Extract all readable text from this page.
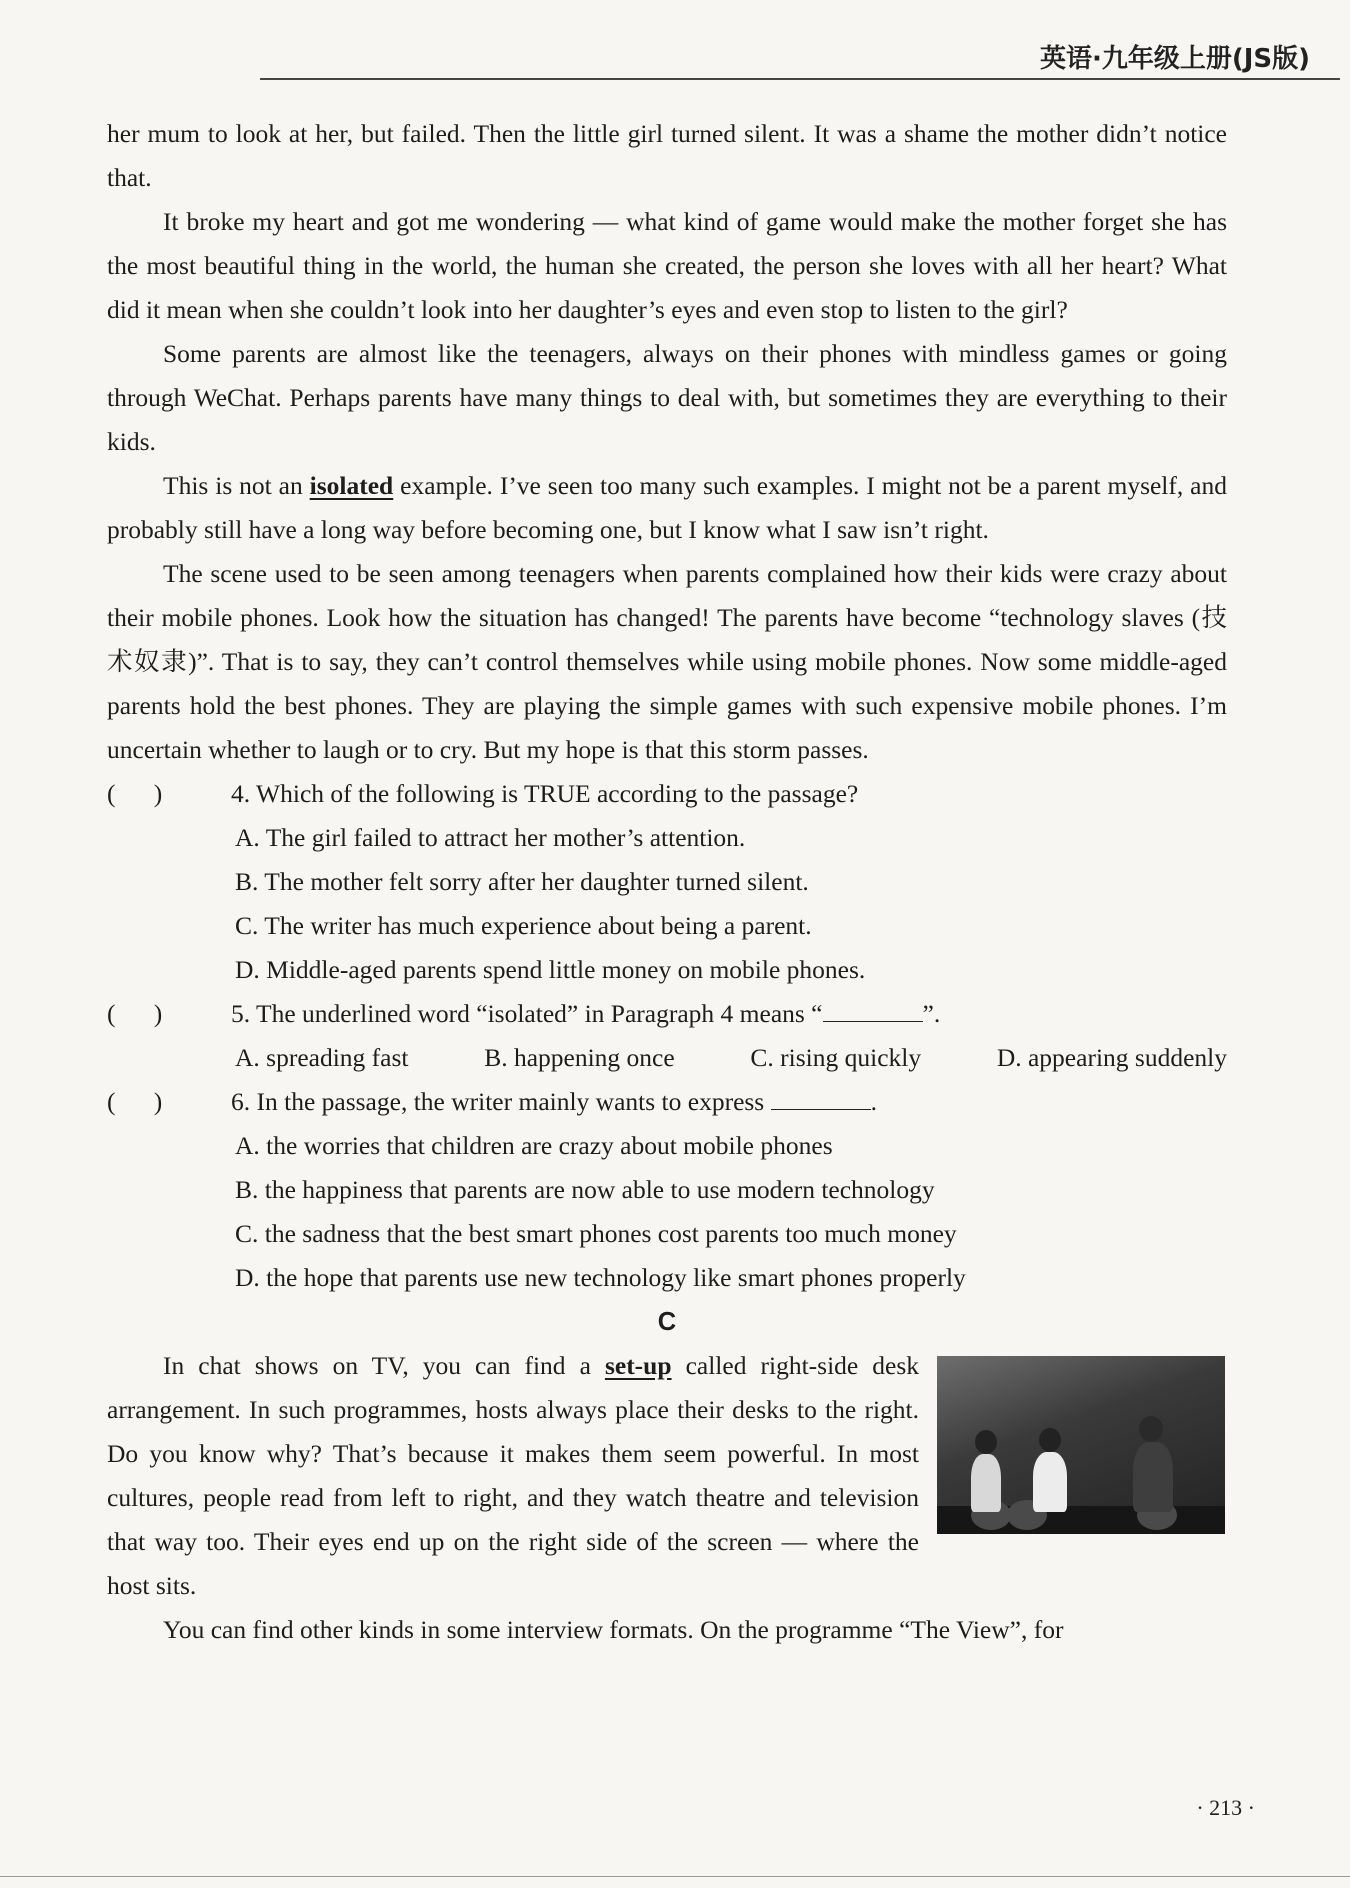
英语·九年级上册(JS版)

her mum to look at her, but failed. Then the little girl turned silent. It was a shame the mother didn’t notice that.

It broke my heart and got me wondering — what kind of game would make the mother forget she has the most beautiful thing in the world, the human she created, the person she loves with all her heart? What did it mean when she couldn’t look into her daughter’s eyes and even stop to listen to the girl?

Some parents are almost like the teenagers, always on their phones with mindless games or going through WeChat. Perhaps parents have many things to deal with, but sometimes they are everything to their kids.

This is not an isolated example. I’ve seen too many such examples. I might not be a parent myself, and probably still have a long way before becoming one, but I know what I saw isn’t right.

The scene used to be seen among teenagers when parents complained how their kids were crazy about their mobile phones. Look how the situation has changed! The parents have become “technology slaves (技术奴隶)”. That is to say, they can’t control themselves while using mobile phones. Now some middle-aged parents hold the best phones. They are playing the simple games with such expensive mobile phones. I’m uncertain whether to laugh or to cry. But my hope is that this storm passes.

(      )	4. Which of the following is TRUE according to the passage?
A. The girl failed to attract her mother’s attention.
B. The mother felt sorry after her daughter turned silent.
C. The writer has much experience about being a parent.
D. Middle-aged parents spend little money on mobile phones.
(      )	5. The underlined word “isolated” in Paragraph 4 means “	”.
A. spreading fast	B. happening once	C. rising quickly	D. appearing suddenly
(      )	6. In the passage, the writer mainly wants to express	.
A. the worries that children are crazy about mobile phones
B. the happiness that parents are now able to use modern technology
C. the sadness that the best smart phones cost parents too much money
D. the hope that parents use new technology like smart phones properly
C

In chat shows on TV, you can find a set-up called right-side desk arrangement. In such programmes, hosts always place their desks to the right. Do you know why? That’s because it makes them seem powerful. In most cultures, people read from left to right, and they watch theatre and television that way too. Their eyes end up on the right side of the screen — where the host sits.

You can find other kinds in some interview formats. On the programme “The View”, for

· 213 ·
